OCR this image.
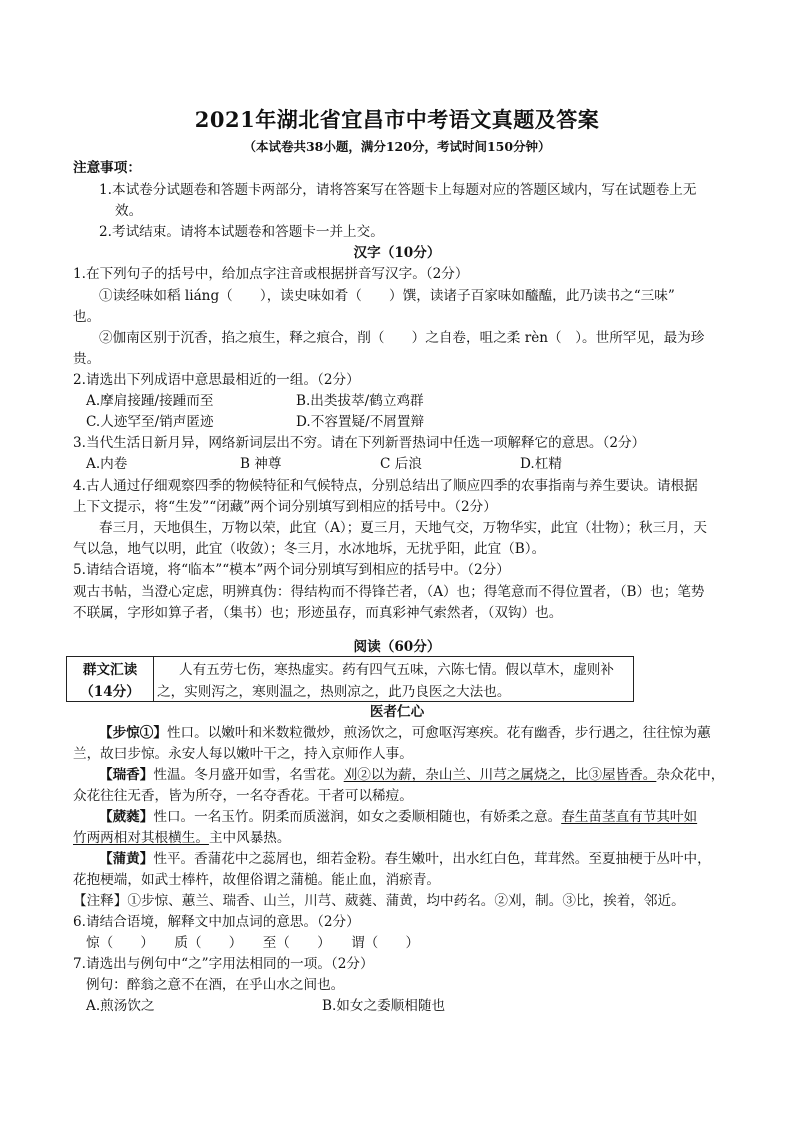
2021年湖北省宜昌市中考语文真题及答案
（本试卷共38小题，满分120分，考试时间150分钟）
注意事项：
1.本试卷分试题卷和答题卡两部分，请将答案写在答题卡上每题对应的答题区域内，写在试题卷上无
效。
2.考试结束。请将本试题卷和答题卡一并上交。
汉字（10分）
1.在下列句子的括号中，给加点字注音或根据拼音写汉字。（2分）
①读经味如稻 liáng（　　），读史味如肴（　　）馔，读诸子百家味如醯醢，此乃读书之“三味”
也。
②伽南区别于沉香，掐之痕生，释之痕合，削（　　）之自卷，咀之柔 rèn（　）。世所罕见，最为珍
贵。
2.请选出下列成语中意思最相近的一组。（2分）
A.摩肩接踵/接踵而至	B.出类拔萃/鹤立鸡群
C.人迹罕至/销声匿迹	D.不容置疑/不屑置辩
3.当代生活日新月异，网络新词层出不穷。请在下列新晋热词中任选一项解释它的意思。（2分）
A.内卷	B 神尊	C 后浪	D.杠精
4.古人通过仔细观察四季的物候特征和气候特点，分别总结出了顺应四季的农事指南与养生要诀。请根据
上下文提示，将“生发”“闭藏”两个词分别填写到相应的括号中。（2分）
春三月，天地俱生，万物以荣，此宜（A）；夏三月，天地气交，万物华实，此宜（壮物）；秋三月，天
气以急，地气以明，此宜（收敛）；冬三月，水冰地坼，无扰乎阳，此宜（B）。
5.请结合语境，将“临本”“模本”两个词分别填写到相应的括号中。（2分）
观古书帖，当澄心定虑，明辨真伪：得结构而不得锋芒者，（A）也；得笔意而不得位置者，（B）也；笔势
不联属，字形如算子者，（集书）也；形迹虽存，而真彩神气索然者，（双钩）也。
阅读（60分）
群文汇读
（14分）
人有五劳七伤，寒热虚实。药有四气五味，六陈七情。假以草木，虚则补
之，实则泻之，寒则温之，热则凉之，此乃良医之大法也。
医者仁心
【步惊①】性口。以嫩叶和米数粒微炒，煎汤饮之，可愈呕泻寒疾。花有幽香，步行遇之，往往惊为蕙
兰，故曰步惊。永安人每以嫩叶干之，持入京师作人事。
【瑞香】性温。冬月盛开如雪，名雪花。刈②以为薪，杂山兰、川芎之属烧之，比③屋皆香。杂众花中，
众花往往无香，皆为所夺，一名夺香花。干者可以稀痘。
【葳蕤】性口。一名玉竹。阴柔而质滋润，如女之委顺相随也，有娇柔之意。春生苗茎直有节其叶如
竹两两相对其根横生。主中风暴热。
【蒲黄】性平。香蒲花中之蕊屑也，细若金粉。春生嫩叶，出水红白色，茸茸然。至夏抽梗于丛叶中，
花抱梗端，如武士棒杵，故俚俗谓之蒲槌。能止血，消瘀青。
【注释】①步惊、蕙兰、瑞香、山兰，川芎、葳蕤、蒲黄，均中药名。②刈，制。③比，挨着，邻近。
6.请结合语境，解释文中加点词的意思。（2分）
惊（　　）　　质（　　）　　至（　　）　　谓（　　）
7.请选出与例句中“之”字用法相同的一项。（2分）
例句：醉翁之意不在酒，在乎山水之间也。
A.煎汤饮之	B.如女之委顺相随也
